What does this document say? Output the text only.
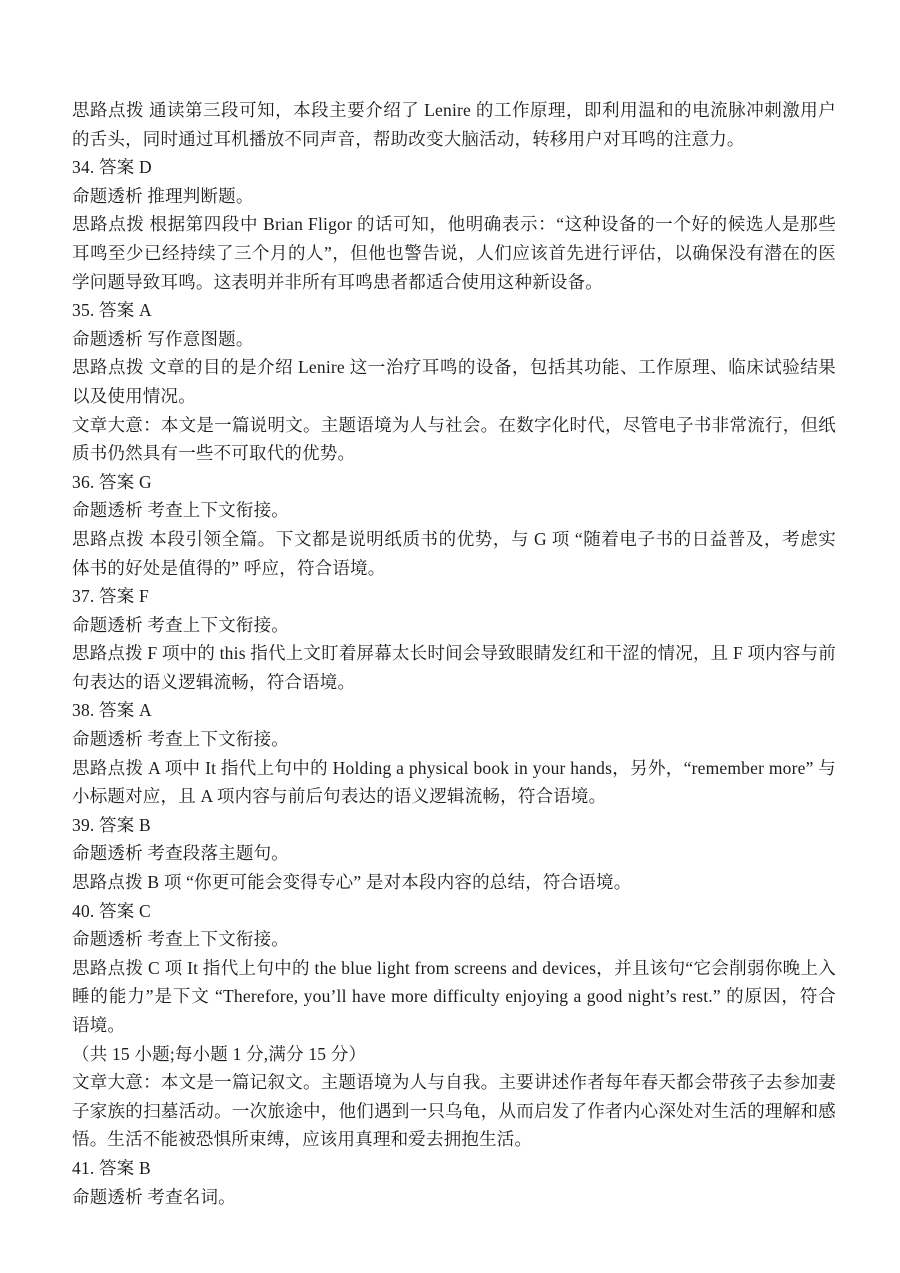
思路点拨 通读第三段可知，本段主要介绍了 Lenire 的工作原理，即利用温和的电流脉冲刺激用户的舌头，同时通过耳机播放不同声音，帮助改变大脑活动，转移用户对耳鸣的注意力。

34. 答案 D

命题透析 推理判断题。

思路点拨 根据第四段中 Brian Fligor 的话可知，他明确表示：“这种设备的一个好的候选人是那些耳鸣至少已经持续了三个月的人”，但他也警告说，人们应该首先进行评估，以确保没有潜在的医学问题导致耳鸣。这表明并非所有耳鸣患者都适合使用这种新设备。

35. 答案 A

命题透析 写作意图题。

思路点拨 文章的目的是介绍 Lenire 这一治疗耳鸣的设备，包括其功能、工作原理、临床试验结果以及使用情况。

文章大意：本文是一篇说明文。主题语境为人与社会。在数字化时代，尽管电子书非常流行，但纸质书仍然具有一些不可取代的优势。

36. 答案 G

命题透析 考查上下文衔接。

思路点拨 本段引领全篇。下文都是说明纸质书的优势，与 G 项 “随着电子书的日益普及，考虑实体书的好处是值得的” 呼应，符合语境。

37. 答案 F

命题透析 考查上下文衔接。

思路点拨 F 项中的 this 指代上文盯着屏幕太长时间会导致眼睛发红和干涩的情况，且 F 项内容与前句表达的语义逻辑流畅，符合语境。

38. 答案 A

命题透析 考查上下文衔接。

思路点拨 A 项中 It 指代上句中的 Holding a physical book in your hands，另外，“remember more” 与小标题对应，且 A 项内容与前后句表达的语义逻辑流畅，符合语境。

39. 答案 B

命题透析 考查段落主题句。

思路点拨 B 项 “你更可能会变得专心” 是对本段内容的总结，符合语境。

40. 答案 C

命题透析 考查上下文衔接。

思路点拨 C 项 It 指代上句中的 the blue light from screens and devices，并且该句“它会削弱你晚上入睡的能力”是下文 “Therefore, you’ll have more difficulty enjoying a good night’s rest.” 的原因，符合语境。

（共 15 小题;每小题 1 分,满分 15 分）

文章大意：本文是一篇记叙文。主题语境为人与自我。主要讲述作者每年春天都会带孩子去参加妻子家族的扫墓活动。一次旅途中，他们遇到一只乌龟，从而启发了作者内心深处对生活的理解和感悟。生活不能被恐惧所束缚，应该用真理和爱去拥抱生活。

41. 答案 B

命题透析 考查名词。
